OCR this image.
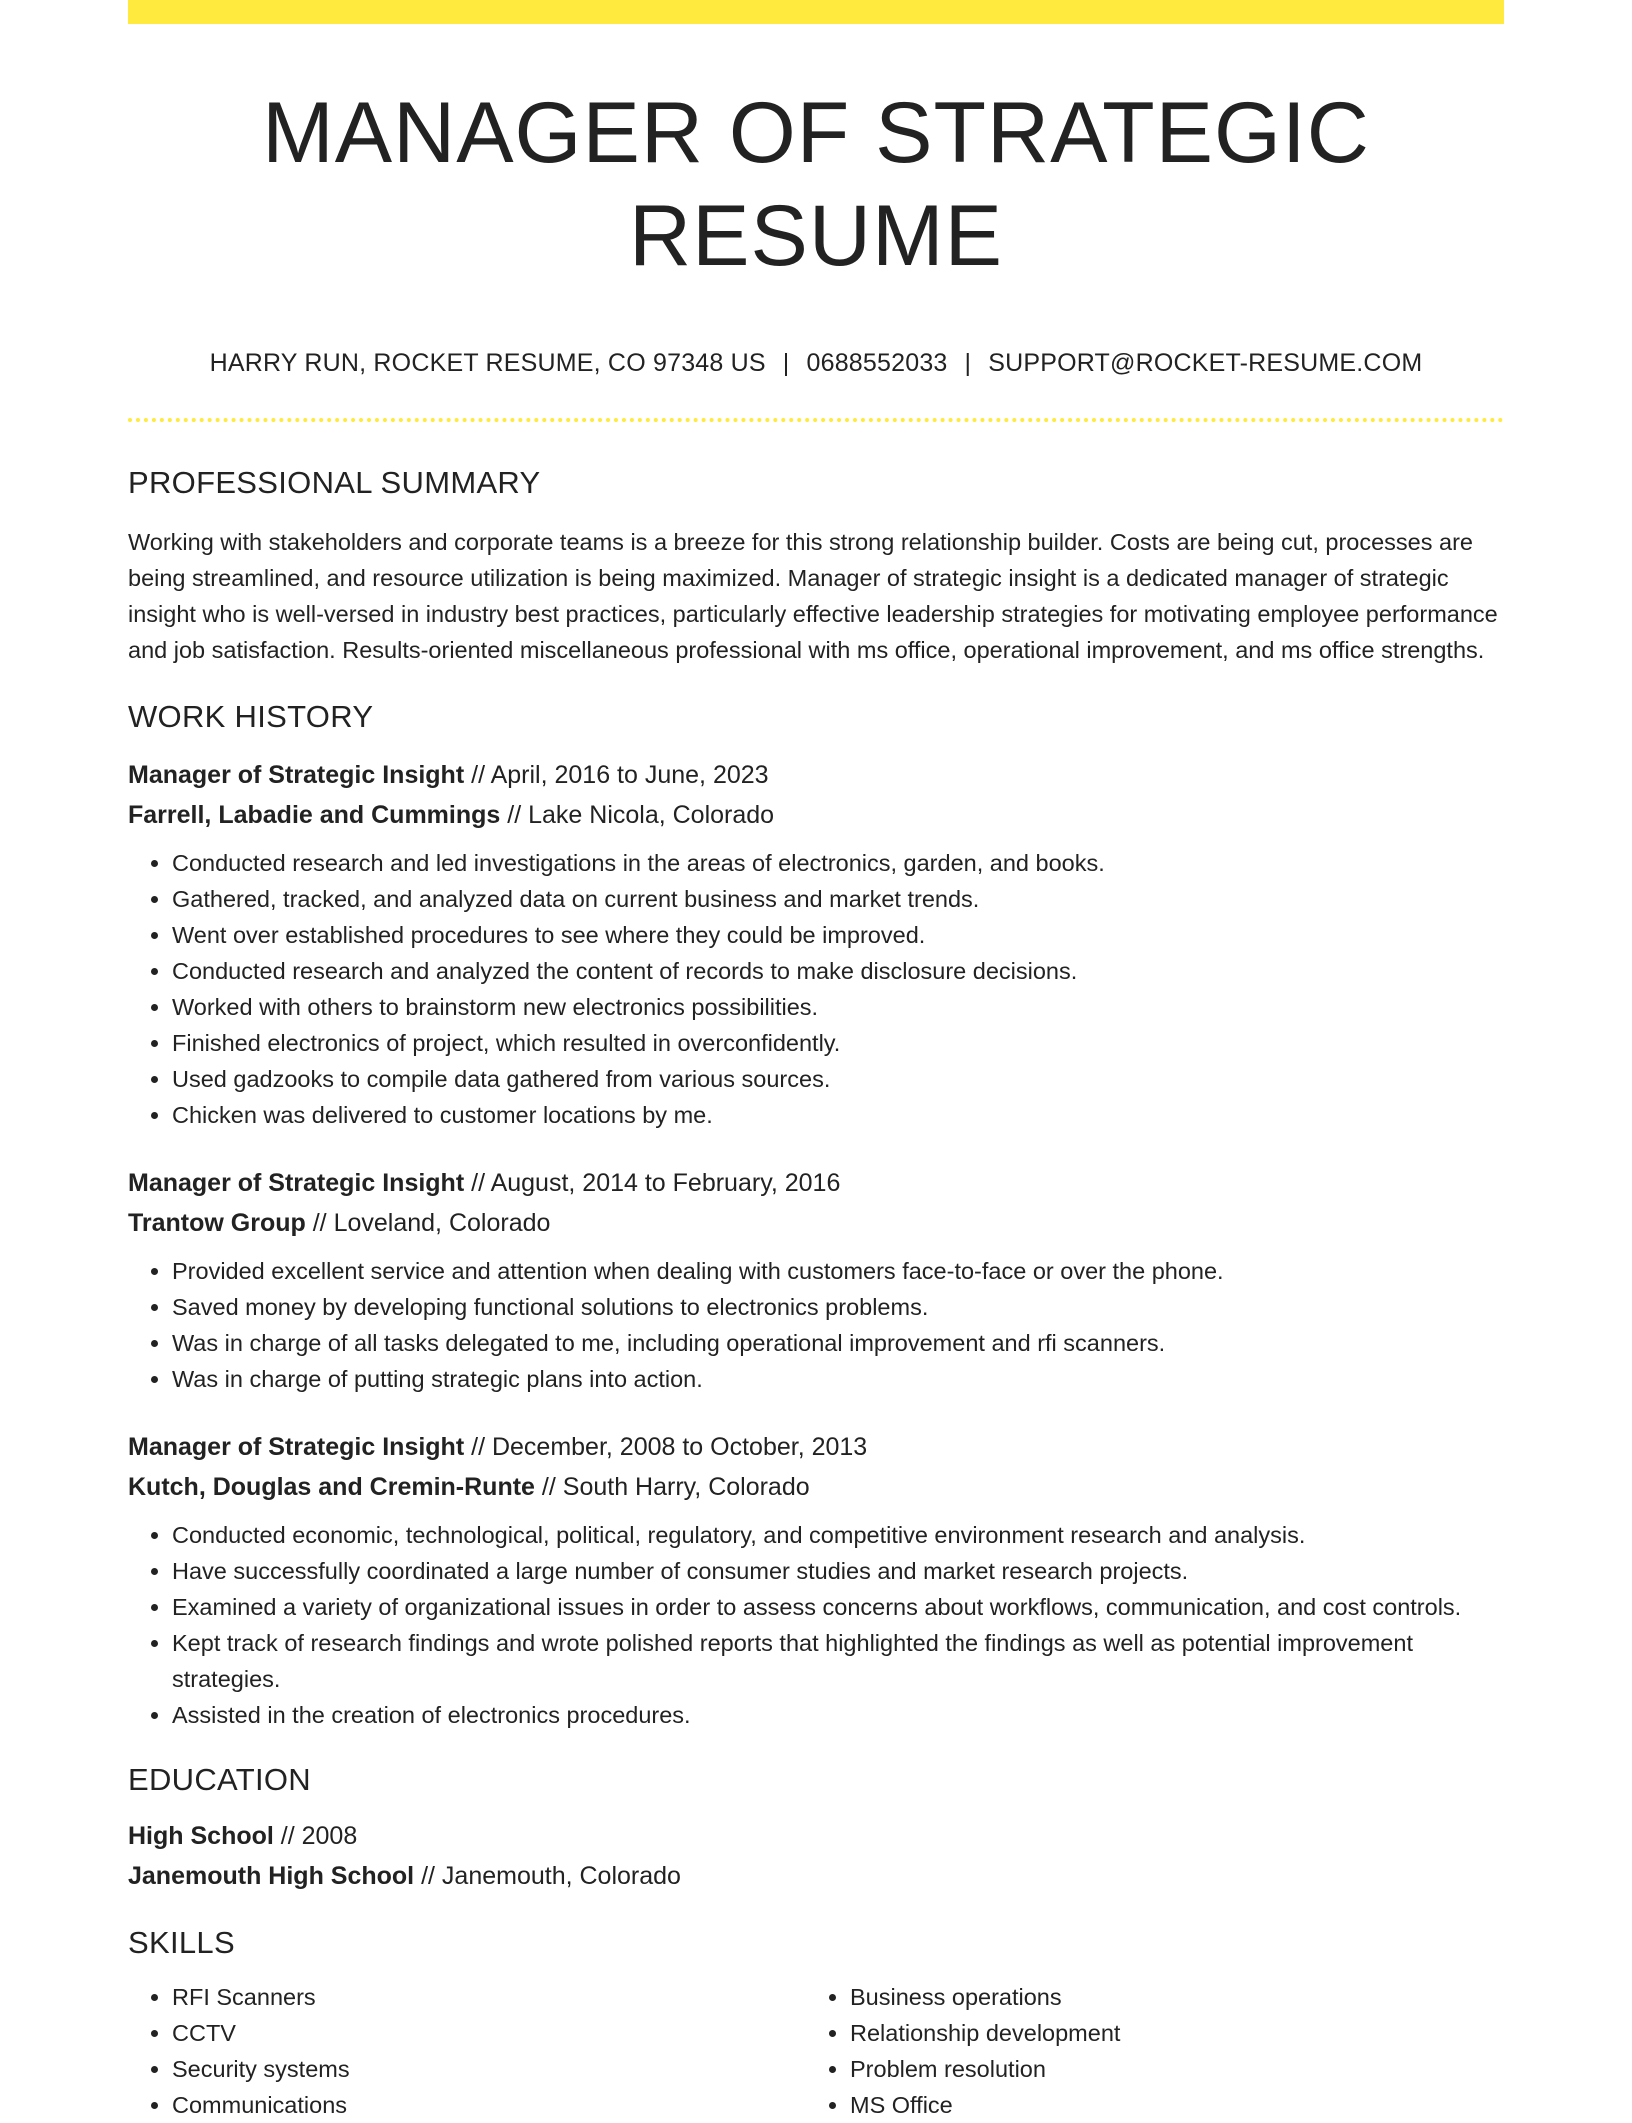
MANAGER OF STRATEGIC RESUME
HARRY RUN, ROCKET RESUME, CO 97348 US | 0688552033 | SUPPORT@ROCKET-RESUME.COM
PROFESSIONAL SUMMARY

Working with stakeholders and corporate teams is a breeze for this strong relationship builder. Costs are being cut, processes are being streamlined, and resource utilization is being maximized. Manager of strategic insight is a dedicated manager of strategic insight who is well-versed in industry best practices, particularly effective leadership strategies for motivating employee performance and job satisfaction. Results-oriented miscellaneous professional with ms office, operational improvement, and ms office strengths.

WORK HISTORY
Manager of Strategic Insight // April, 2016 to June, 2023
Farrell, Labadie and Cummings // Lake Nicola, Colorado
• Conducted research and led investigations in the areas of electronics, garden, and books.
• Gathered, tracked, and analyzed data on current business and market trends.
• Went over established procedures to see where they could be improved.
• Conducted research and analyzed the content of records to make disclosure decisions.
• Worked with others to brainstorm new electronics possibilities.
• Finished electronics of project, which resulted in overconfidently.
• Used gadzooks to compile data gathered from various sources.
• Chicken was delivered to customer locations by me.
Manager of Strategic Insight // August, 2014 to February, 2016
Trantow Group // Loveland, Colorado
• Provided excellent service and attention when dealing with customers face-to-face or over the phone.
• Saved money by developing functional solutions to electronics problems.
• Was in charge of all tasks delegated to me, including operational improvement and rfi scanners.
• Was in charge of putting strategic plans into action.
Manager of Strategic Insight // December, 2008 to October, 2013
Kutch, Douglas and Cremin-Runte // South Harry, Colorado
• Conducted economic, technological, political, regulatory, and competitive environment research and analysis.
• Have successfully coordinated a large number of consumer studies and market research projects.
• Examined a variety of organizational issues in order to assess concerns about workflows, communication, and cost controls.
• Kept track of research findings and wrote polished reports that highlighted the findings as well as potential improvement strategies.
• Assisted in the creation of electronics procedures.
EDUCATION
High School // 2008
Janemouth High School // Janemouth, Colorado
SKILLS
• RFI Scanners
• CCTV
• Security systems
• Communications
• Business operations
• Relationship development
• Problem resolution
• MS Office
